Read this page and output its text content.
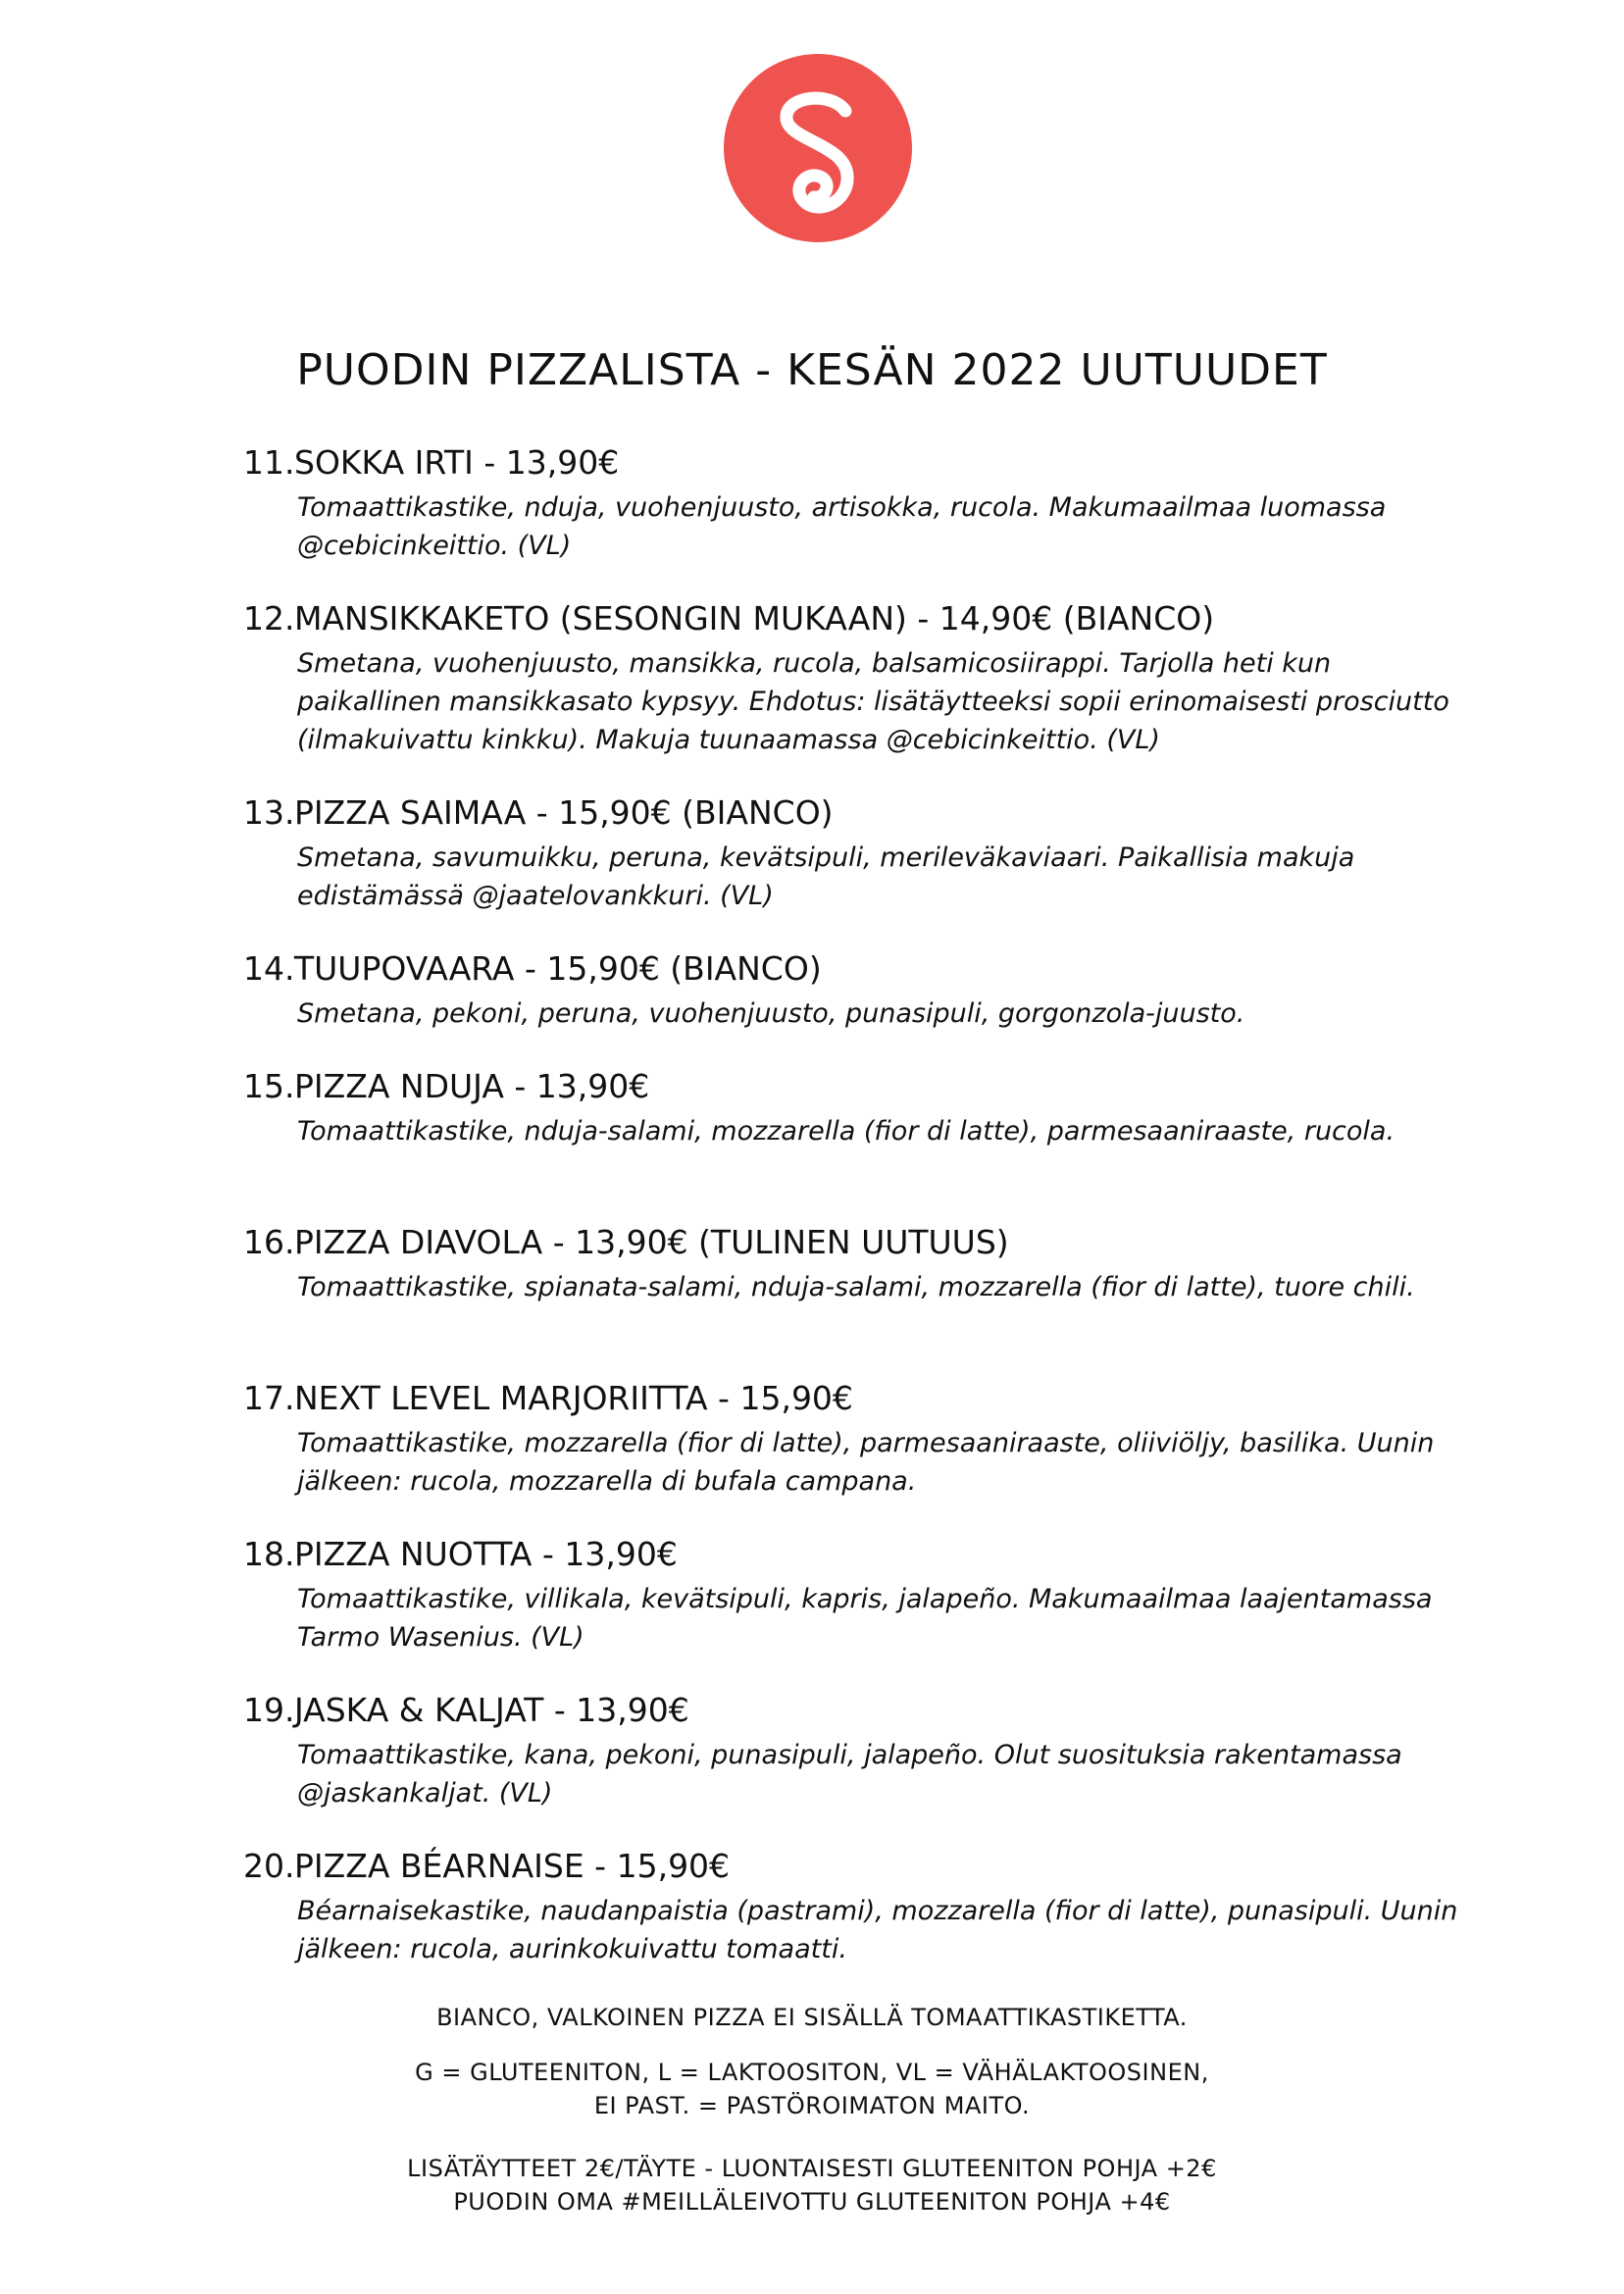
PUODIN PIZZALISTA - KESÄN 2022 UUTUUDET
11. SOKKA IRTI - 13,90€
Tomaattikastike, nduja, vuohenjuusto, artisokka, rucola. Makumaailmaa luomassa @cebicinkeittio. (VL)
12. MANSIKKAKETO (SESONGIN MUKAAN) - 14,90€ (BIANCO)
Smetana, vuohenjuusto, mansikka, rucola, balsamicosiirappi. Tarjolla heti kun paikallinen mansikkasato kypsyy. Ehdotus: lisätäytteeksi sopii erinomaisesti prosciutto (ilmakuivattu kinkku). Makuja tuunaamassa @cebicinkeittio. (VL)
13. PIZZA SAIMAA - 15,90€ (BIANCO)
Smetana, savumuikku, peruna, kevätsipuli, merileväkaviaari. Paikallisia makuja edistämässä @jaatelovankkuri. (VL)
14. TUUPOVAARA - 15,90€ (BIANCO)
Smetana, pekoni, peruna, vuohenjuusto, punasipuli, gorgonzola-juusto.
15. PIZZA NDUJA - 13,90€
Tomaattikastike, nduja-salami, mozzarella (fior di latte), parmesaaniraaste, rucola.
16. PIZZA DIAVOLA - 13,90€ (TULINEN UUTUUS)
Tomaattikastike, spianata-salami, nduja-salami, mozzarella (fior di latte), tuore chili.
17. NEXT LEVEL MARJORIITTA - 15,90€
Tomaattikastike, mozzarella (fior di latte), parmesaaniraaste, oliiviöljy, basilika. Uunin jälkeen: rucola, mozzarella di bufala campana.
18. PIZZA NUOTTA - 13,90€
Tomaattikastike, villikala, kevätsipuli, kapris, jalapeño. Makumaailmaa laajentamassa Tarmo Wasenius. (VL)
19. JASKA & KALJAT - 13,90€
Tomaattikastike, kana, pekoni, punasipuli, jalapeño. Olut suosituksia rakentamassa @jaskankaljat. (VL)
20. PIZZA BÉARNAISE - 15,90€
Béarnaisekastike, naudanpaistia (pastrami), mozzarella (fior di latte), punasipuli. Uunin jälkeen: rucola, aurinkokuivattu tomaatti.

BIANCO, VALKOINEN PIZZA EI SISÄLLÄ TOMAATTIKASTIKETTA.

G = GLUTEENITON, L = LAKTOOSITON, VL = VÄHÄLAKTOOSINEN,

EI PAST. = PASTÖROIMATON MAITO.

LISÄTÄYTTEET 2€/TÄYTE - LUONTAISESTI GLUTEENITON POHJA +2€

PUODIN OMA #MEILLÄLEIVOTTU GLUTEENITON POHJA +4€
